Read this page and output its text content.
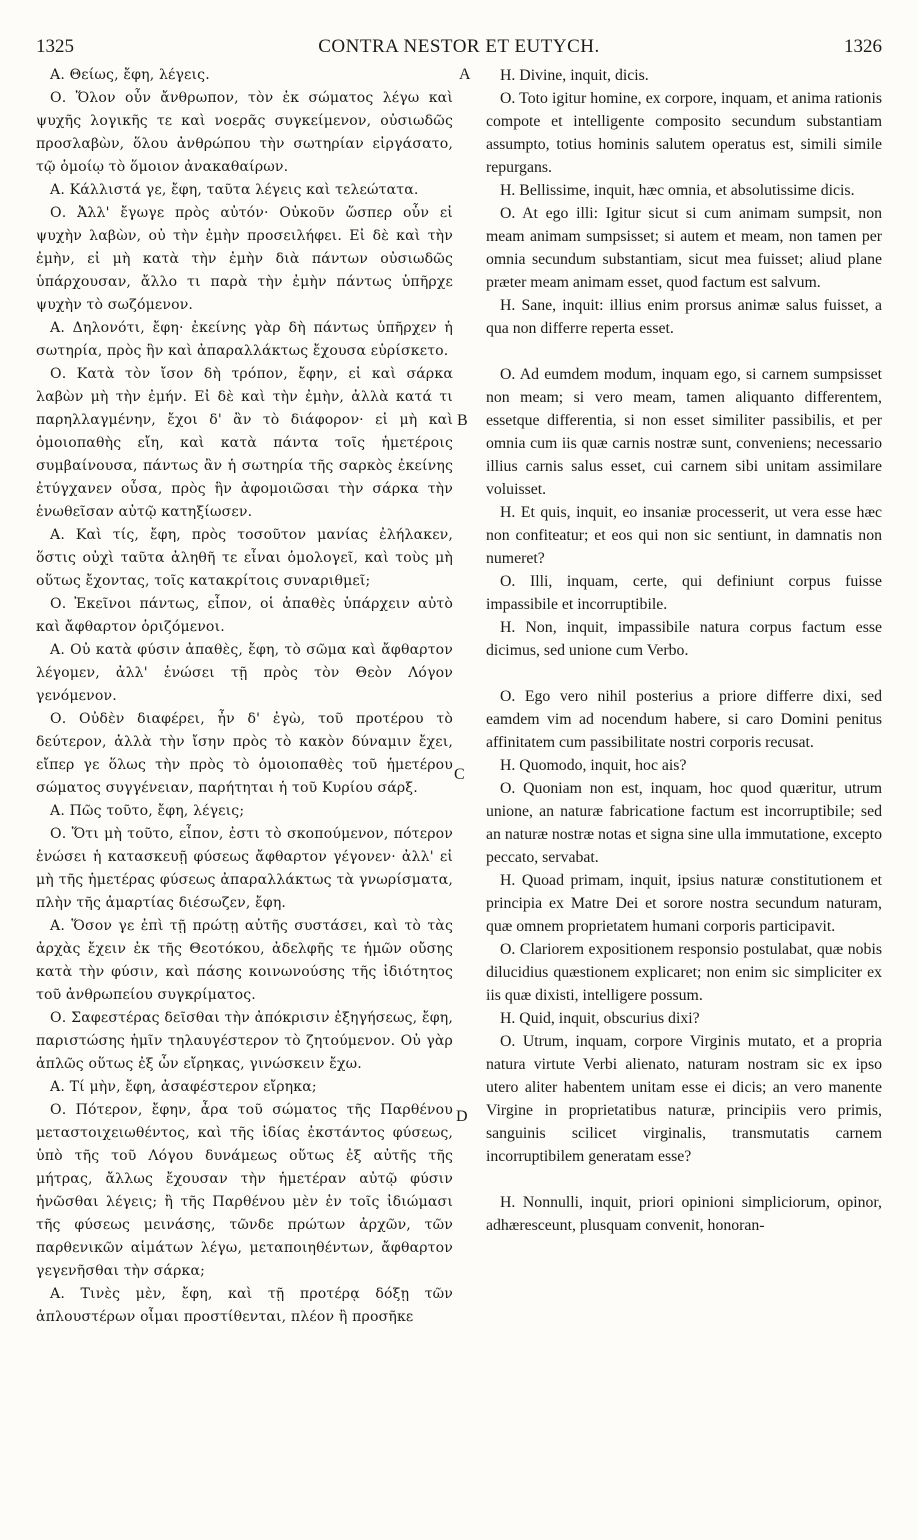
1325	CONTRA NESTOR ET EUTYCH.	1326
A
B
C
D

Α. Θείως, ἔφη, λέγεις.

Ο. Ὅλον οὖν ἄνθρωπον, τὸν ἐκ σώματος λέγω καὶ ψυχῆς λογικῆς τε καὶ νοερᾶς συγκείμενον, οὐσιωδῶς προσλαβὼν, ὅλου ἀνθρώπου τὴν σωτηρίαν εἰργάσατο, τῷ ὁμοίῳ τὸ ὅμοιον ἀνακαθαίρων.

Α. Κάλλιστά γε, ἔφη, ταῦτα λέγεις καὶ τελεώτατα.

Ο. Ἀλλ' ἔγωγε πρὸς αὐτόν· Οὐκοῦν ὥσπερ οὖν εἰ ψυχὴν λαβὼν, οὐ τὴν ἐμὴν προσειλήφει. Εἰ δὲ καὶ τὴν ἐμὴν, εἰ μὴ κατὰ τὴν ἐμὴν διὰ πάντων οὐσιωδῶς ὑπάρχουσαν, ἄλλο τι παρὰ τὴν ἐμὴν πάντως ὑπῆρχε ψυχὴν τὸ σωζόμενον.

Α. Δηλονότι, ἔφη· ἐκείνης γὰρ δὴ πάντως ὑπῆρχεν ἡ σωτηρία, πρὸς ἣν καὶ ἀπαραλλάκτως ἔχουσα εὑρίσκετο.

Ο. Κατὰ τὸν ἴσον δὴ τρόπον, ἔφην, εἰ καὶ σάρκα λαβὼν μὴ τὴν ἐμήν. Εἰ δὲ καὶ τὴν ἐμὴν, ἀλλὰ κατά τι παρηλλαγμένην, ἔχοι δ' ἂν τὸ διάφορον· εἰ μὴ καὶ ὁμοιοπαθὴς εἴη, καὶ κατὰ πάντα τοῖς ἡμετέροις συμβαίνουσα, πάντως ἂν ἡ σωτηρία τῆς σαρκὸς ἐκείνης ἐτύγχανεν οὖσα, πρὸς ἣν ἀφομοιῶσαι τὴν σάρκα τὴν ἑνωθεῖσαν αὐτῷ κατηξίωσεν.

Α. Καὶ τίς, ἔφη, πρὸς τοσοῦτον μανίας ἐλήλακεν, ὅστις οὐχὶ ταῦτα ἀληθῆ τε εἶναι ὁμολογεῖ, καὶ τοὺς μὴ οὕτως ἔχοντας, τοῖς κατακρίτοις συναριθμεῖ;

Ο. Ἐκεῖνοι πάντως, εἶπον, οἱ ἀπαθὲς ὑπάρχειν αὐτὸ καὶ ἄφθαρτον ὁριζόμενοι.

Α. Οὐ κατὰ φύσιν ἀπαθὲς, ἔφη, τὸ σῶμα καὶ ἄφθαρτον λέγομεν, ἀλλ' ἑνώσει τῇ πρὸς τὸν Θεὸν Λόγον γενόμενον.

Ο. Οὐδὲν διαφέρει, ἦν δ' ἐγὼ, τοῦ προτέρου τὸ δεύτερον, ἀλλὰ τὴν ἴσην πρὸς τὸ κακὸν δύναμιν ἔχει, εἴπερ γε ὅλως τὴν πρὸς τὸ ὁμοιοπαθὲς τοῦ ἡμετέρου σώματος συγγένειαν, παρήτηται ἡ τοῦ Κυρίου σάρξ.

Α. Πῶς τοῦτο, ἔφη, λέγεις;

Ο. Ὅτι μὴ τοῦτο, εἶπον, ἐστι τὸ σκοπούμενον, πότερον ἑνώσει ἡ κατασκευῇ φύσεως ἄφθαρτον γέγονεν· ἀλλ' εἰ μὴ τῆς ἡμετέρας φύσεως ἀπαραλλάκτως τὰ γνωρίσματα, πλὴν τῆς ἁμαρτίας διέσωζεν, ἔφη.

Α. Ὅσον γε ἐπὶ τῇ πρώτῃ αὐτῆς συστάσει, καὶ τὸ τὰς ἀρχὰς ἔχειν ἐκ τῆς Θεοτόκου, ἀδελφῆς τε ἡμῶν οὔσης κατὰ τὴν φύσιν, καὶ πάσης κοινωνούσης τῆς ἰδιότητος τοῦ ἀνθρωπείου συγκρίματος.

Ο. Σαφεστέρας δεῖσθαι τὴν ἀπόκρισιν ἐξηγήσεως, ἔφη, παριστώσης ἡμῖν τηλαυγέστερον τὸ ζητούμενον. Οὐ γὰρ ἁπλῶς οὕτως ἐξ ὧν εἴρηκας, γινώσκειν ἔχω.

Α. Τί μὴν, ἔφη, ἀσαφέστερον εἴρηκα;

Ο. Πότερον, ἔφην, ἆρα τοῦ σώματος τῆς Παρθένου μεταστοιχειωθέντος, καὶ τῆς ἰδίας ἐκστάντος φύσεως, ὑπὸ τῆς τοῦ Λόγου δυνάμεως οὕτως ἐξ αὐτῆς τῆς μήτρας, ἄλλως ἔχουσαν τὴν ἡμετέραν αὐτῷ φύσιν ἡνῶσθαι λέγεις; ἢ τῆς Παρθένου μὲν ἐν τοῖς ἰδιώμασι τῆς φύσεως μεινάσης, τῶνδε πρώτων ἀρχῶν, τῶν παρθενικῶν αἱμάτων λέγω, μεταποιηθέντων, ἄφθαρτον γεγενῆσθαι τὴν σάρκα;

Α. Τινὲς μὲν, ἔφη, καὶ τῇ προτέρᾳ δόξῃ τῶν ἁπλουστέρων οἶμαι προστίθενται, πλέον ἢ προσῆκε

H. Divine, inquit, dicis.

O. Toto igitur homine, ex corpore, inquam, et anima rationis compote et intelligente composito secundum substantiam assumpto, totius hominis salutem operatus est, simili simile repurgans.

H. Bellissime, inquit, hæc omnia, et absolutissime dicis.

O. At ego illi: Igitur sicut si cum animam sumpsit, non meam animam sumpsisset; si autem et meam, non tamen per omnia secundum substantiam, sicut mea fuisset; aliud plane præter meam animam esset, quod factum est salvum.

H. Sane, inquit: illius enim prorsus animæ salus fuisset, a qua non differre reperta esset.

O. Ad eumdem modum, inquam ego, si carnem sumpsisset non meam; si vero meam, tamen aliquanto differentem, essetque differentia, si non esset similiter passibilis, et per omnia cum iis quæ carnis nostræ sunt, conveniens; necessario illius carnis salus esset, cui carnem sibi unitam assimilare voluisset.

H. Et quis, inquit, eo insaniæ processerit, ut vera esse hæc non confiteatur; et eos qui non sic sentiunt, in damnatis non numeret?

O. Illi, inquam, certe, qui definiunt corpus fuisse impassibile et incorruptibile.

H. Non, inquit, impassibile natura corpus factum esse dicimus, sed unione cum Verbo.

O. Ego vero nihil posterius a priore differre dixi, sed eamdem vim ad nocendum habere, si caro Domini penitus affinitatem cum passibilitate nostri corporis recusat.

H. Quomodo, inquit, hoc ais?

O. Quoniam non est, inquam, hoc quod quæritur, utrum unione, an naturæ fabricatione factum est incorruptibile; sed an naturæ nostræ notas et signa sine ulla immutatione, excepto peccato, servabat.

H. Quoad primam, inquit, ipsius naturæ constitutionem et principia ex Matre Dei et sorore nostra secundum naturam, quæ omnem proprietatem humani corporis participavit.

O. Clariorem expositionem responsio postulabat, quæ nobis dilucidius quæstionem explicaret; non enim sic simpliciter ex iis quæ dixisti, intelligere possum.

H. Quid, inquit, obscurius dixi?

O. Utrum, inquam, corpore Virginis mutato, et a propria natura virtute Verbi alienato, naturam nostram sic ex ipso utero aliter habentem unitam esse ei dicis; an vero manente Virgine in proprietatibus naturæ, principiis vero primis, sanguinis scilicet virginalis, transmutatis carnem incorruptibilem generatam esse?

H. Nonnulli, inquit, priori opinioni simpliciorum, opinor, adhæresceunt, plusquam convenit, honoran-
